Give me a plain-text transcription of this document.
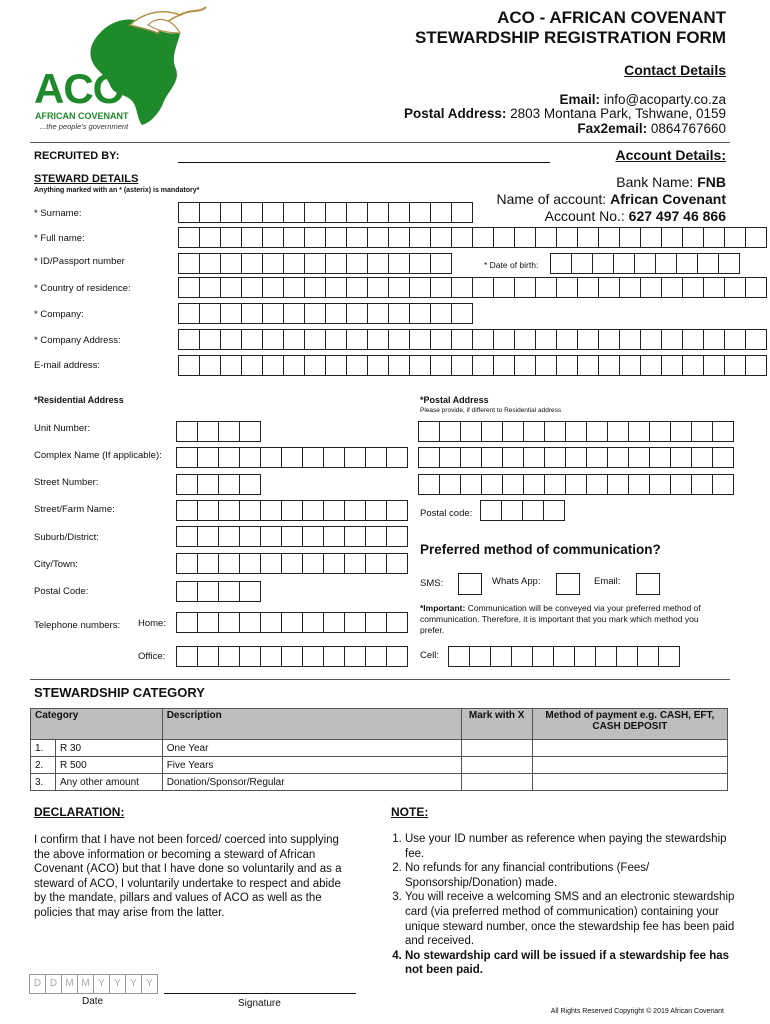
ACO
AFRICAN COVENANT
...the people's government
ACO - AFRICAN COVENANT
STEWARDSHIP REGISTRATION FORM
Contact Details
Email: info@acoparty.co.za
Postal Address: 2803 Montana Park, Tshwane, 0159
Fax2email: 0864767660
RECRUITED BY:	Account Details:
Bank Name: FNB
Name of account: African Covenant
Account No.: 627 497 46 866
STEWARD DETAILS
Anything marked with an * (asterix) is mandatory*
* Surname:
* Full name:
* ID/Passport number	* Date of birth:
* Country of residence:
* Company:
* Company Address:
E-mail address:
*Residential Address
Unit Number:
Complex Name (If applicable):
Street Number:
Street/Farm Name:
Suburb/District:
City/Town:
Postal Code:
Telephone numbers: Home:
Office:
*Postal Address
Please provide, if different to Residential address
Postal code:
Preferred method of communication?
SMS:	Whats App:	Email:
*Important: Communication will be conveyed via your preferred method of communication. Therefore, it is important that you mark which method you prefer.
Cell:
STEWARDSHIP CATEGORY
Category		Description	Mark with X	Method of payment e.g. CASH, EFT, CASH DEPOSIT
1.	R 30	One Year		
2.	R 500	Five Years		
3.	Any other amount	Donation/Sponsor/Regular		
DECLARATION:
I confirm that I have not been forced/ coerced into supplying the above information or becoming a steward of African Covenant (ACO) but that I have done so voluntarily and as a steward of ACO, I voluntarily undertake to respect and abide by the mandate, pillars and values of ACO as well as the policies that may arise from the latter.
D D M M Y Y Y Y
Date	Signature
NOTE:
1. Use your ID number as reference when paying the stewardship fee.
2. No refunds for any financial contributions (Fees/ Sponsorship/Donation) made.
3. You will receive a welcoming SMS and an electronic stewardship card (via preferred method of communication) containing your unique steward number, once the stewardship fee has been paid and received.
4. No stewardship card will be issued if a stewardship fee has not been paid.
All Rights Reserved Copyright © 2019 African Covenant
